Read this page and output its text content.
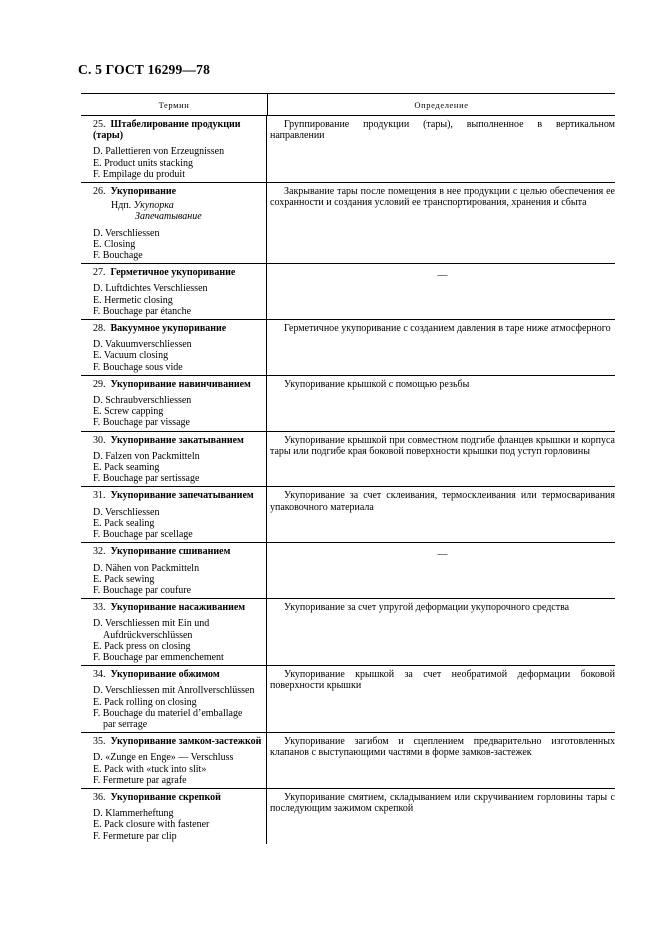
С. 5 ГОСТ 16299—78
Термин	Определение
25. Штабелирование продукции (тары)
D. Pallettieren von Erzeugnissen
E. Product units stacking
F. Empilage du produit
Группирование продукции (тары), выполненное в вертикальном направлении
26. Укупоривание
Ндп. Укупорка
Запечатывание
D. Verschliessen
E. Closing
F. Bouchage
Закрывание тары после помещения в нее продукции с целью обеспечения ее сохранности и создания условий ее транспортирования, хранения и сбыта
27. Герметичное укупоривание
D. Luftdichtes Verschliessen
E. Hermetic closing
F. Bouchage par étanche
—
28. Вакуумное укупоривание
D. Vakuumverschliessen
E. Vacuum closing
F. Bouchage sous vide
Герметичное укупоривание с созданием давления в таре ниже атмосферного
29. Укупоривание навинчиванием
D. Schraubverschliessen
E. Screw capping
F. Bouchage par vissage
Укупоривание крышкой с помощью резьбы
30. Укупоривание закатыванием
D. Falzen von Packmitteln
E. Pack seaming
F. Bouchage par sertissage
Укупоривание крышкой при совместном подгибе фланцев крышки и корпуса тары или подгибе края боковой поверхности крышки под уступ горловины
31. Укупоривание запечатыванием
D. Verschliessen
E. Pack sealing
F. Bouchage par scellage
Укупоривание за счет склеивания, термосклеивания или термосваривания упаковочного материала
32. Укупоривание сшиванием
D. Nähen von Packmitteln
E. Pack sewing
F. Bouchage par coufure
—
33. Укупоривание насаживанием
D. Verschliessen mit Ein und
Aufdrückverschlüssen
E. Pack press on closing
F. Bouchage par emmenchement
Укупоривание за счет упругой деформации укупорочного средства
34. Укупоривание обжимом
D. Verschliessen mit Anrollverschlüssen
E. Pack rolling on closing
F. Bouchage du materiel d’emballage
par serrage
Укупоривание крышкой за счет необратимой деформации боковой поверхности крышки
35. Укупоривание замком-застежкой
D. «Zunge en Enge» — Verschluss
E. Pack with «tuck into slit»
F. Fermeture par agrafe
Укупоривание загибом и сцеплением предварительно изготовленных клапанов с выступающими частями в форме замков-застежек
36. Укупоривание скрепкой
D. Klammerheftung
E. Pack closure with fastener
F. Fermeture par clip
Укупоривание смятием, складыванием или скручиванием горловины тары с последующим зажимом скрепкой
